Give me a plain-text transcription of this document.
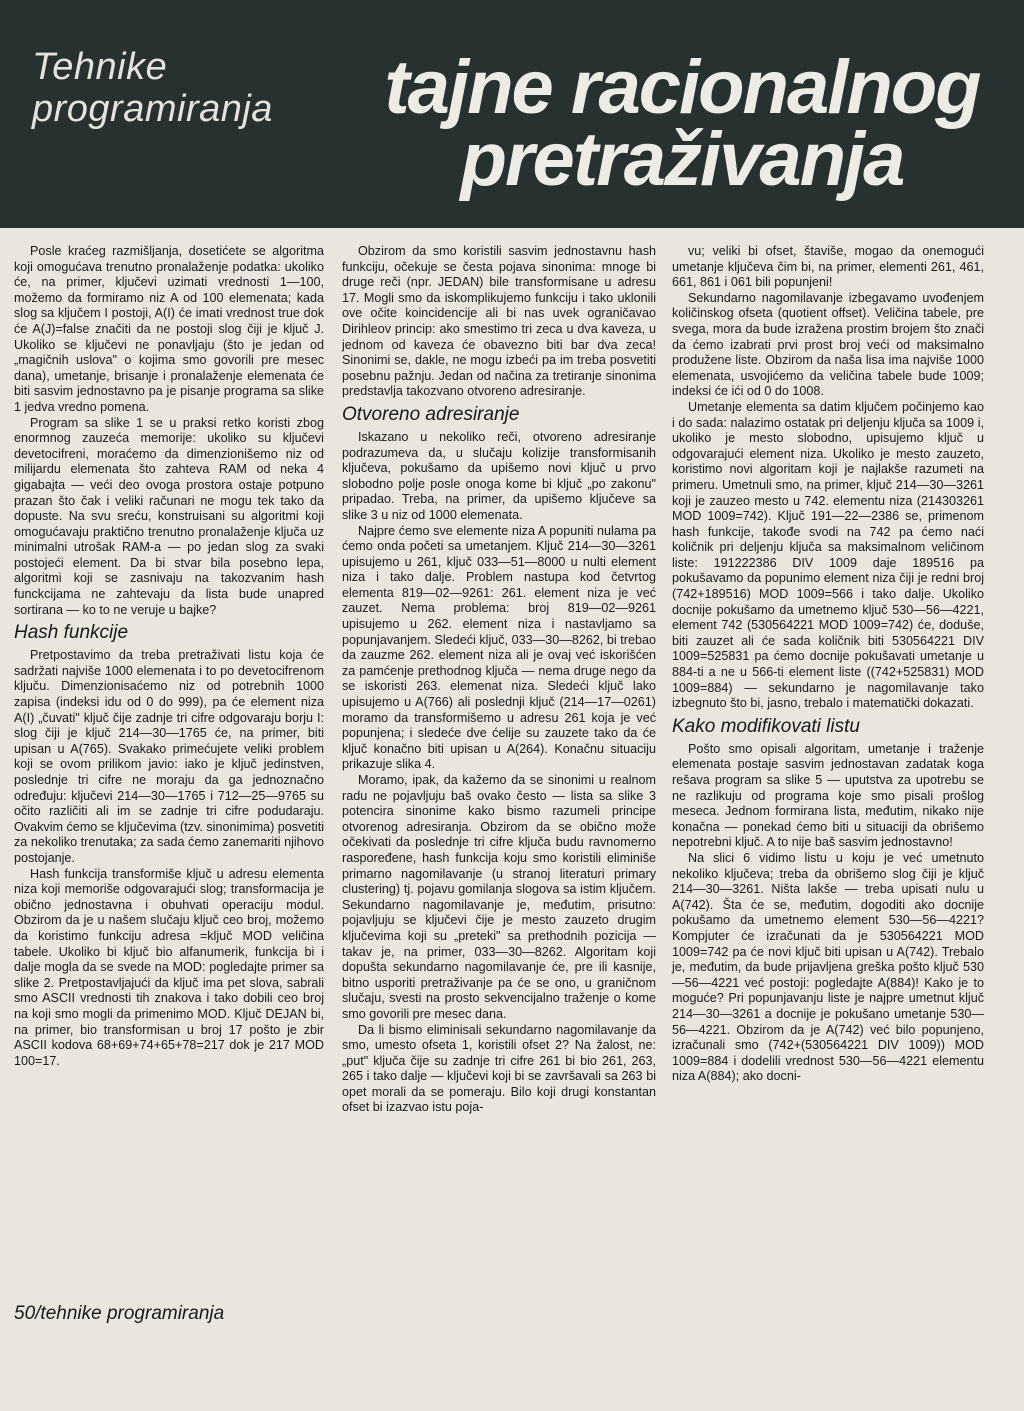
Tehnike
programiranja	tajne racionalnog
pretraživanja

Posle kraćeg razmišljanja, dosetićete se algoritma koji omogućava trenutno pronalaženje podatka: ukoliko će, na primer, ključevi uzimati vrednosti 1—100, možemo da formiramo niz A od 100 elemenata; kada slog sa ključem I postoji, A(I) će imati vrednost true dok će A(J)=false značiti da ne postoji slog čiji je ključ J. Ukoliko se ključevi ne ponavljaju (što je jedan od „magičnih uslova" o kojima smo govorili pre mesec dana), umetanje, brisanje i pronalaženje elemenata će biti sasvim jednostavno pa je pisanje programa sa slike 1 jedva vredno pomena.

Program sa slike 1 se u praksi retko koristi zbog enormnog zauzeća memorije: ukoliko su ključevi devetocifreni, moraćemo da dimenzionišemo niz od milijardu elemenata što zahteva RAM od neka 4 gigabajta — veći deo ovoga prostora ostaje potpuno prazan što čak i veliki računari ne mogu tek tako da dopuste. Na svu sreću, konstruisani su algoritmi koji omogućavaju praktično trenutno pronalaženje ključa uz minimalni utrošak RAM-a — po jedan slog za svaki postojeći element. Da bi stvar bila posebno lepa, algoritmi koji se zasnivaju na takozvanim hash funckcijama ne zahtevaju da lista bude unapred sortirana — ko to ne veruje u bajke?

Hash funkcije

Pretpostavimo da treba pretraživati listu koja će sadržati najviše 1000 elemenata i to po devetocifrenom ključu. Dimenzionisaćemo niz od potrebnih 1000 zapisa (indeksi idu od 0 do 999), pa će element niza A(I) „čuvati" ključ čije zadnje tri cifre odgovaraju borju I: slog čiji je ključ 214—30—1765 će, na primer, biti upisan u A(765). Svakako primećujete veliki problem koji se ovom prilikom javio: iako je ključ jedinstven, poslednje tri cifre ne moraju da ga jednoznačno određuju: ključevi 214—30—1765 i 712—25—9765 su očito različiti ali im se zadnje tri cifre podudaraju. Ovakvim ćemo se ključevima (tzv. sinonimima) posvetiti za nekoliko trenutaka; za sada ćemo zanemariti njihovo postojanje.

Hash funkcija transformiše ključ u adresu elementa niza koji memoriše odgovarajući slog; transformacija je obično jednostavna i obuhvati operaciju modul. Obzirom da je u našem slučaju ključ ceo broj, možemo da koristimo funkciju adresa =ključ MOD veličina tabele. Ukoliko bi ključ bio alfanumerik, funkcija bi i dalje mogla da se svede na MOD: pogledajte primer sa slike 2. Pretpostavljajući da ključ ima pet slova, sabrali smo ASCII vrednosti tih znakova i tako dobili ceo broj na koji smo mogli da primenimo MOD. Ključ DEJAN bi, na primer, bio transformisan u broj 17 pošto je zbir ASCII kodova 68+69+74+65+78=217 dok je 217 MOD 100=17.

Obzirom da smo koristili sasvim jednostavnu hash funkciju, očekuje se česta pojava sinonima: mnoge bi druge reči (npr. JEDAN) bile transformisane u adresu 17. Mogli smo da iskomplikujemo funkciju i tako uklonili ove očite koincidencije ali bi nas uvek ograničavao Dirihleov princip: ako smestimo tri zeca u dva kaveza, u jednom od kaveza će obavezno biti bar dva zeca! Sinonimi se, dakle, ne mogu izbeći pa im treba posvetiti posebnu pažnju. Jedan od načina za tretiranje sinonima predstavlja takozvano otvoreno adresiranje.

Otvoreno adresiranje

Iskazano u nekoliko reči, otvoreno adresiranje podrazumeva da, u slučaju kolizije transformisanih ključeva, pokušamo da upišemo novi ključ u prvo slobodno polje posle onoga kome bi ključ „po zakonu" pripadao. Treba, na primer, da upišemo ključeve sa slike 3 u niz od 1000 elemenata.

Najpre ćemo sve elemente niza A popuniti nulama pa ćemo onda početi sa umetanjem. Ključ 214—30—3261 upisujemo u 261, ključ 033—51—8000 u nulti element niza i tako dalje. Problem nastupa kod četvrtog elementa 819—02—9261: 261. element niza je već zauzet. Nema problema: broj 819—02—9261 upisujemo u 262. element niza i nastavljamo sa popunjavanjem. Sledeći ključ, 033—30—8262, bi trebao da zauzme 262. element niza ali je ovaj već iskorišćen za pamćenje prethodnog ključa — nema druge nego da se iskoristi 263. elemenat niza. Sledeći ključ lako upisujemo u A(766) ali poslednji ključ (214—17—0261) moramo da transformišemo u adresu 261 koja je već popunjena; i sledeće dve ćelije su zauzete tako da će ključ konačno biti upisan u A(264). Konačnu situaciju prikazuje slika 4.

Moramo, ipak, da kažemo da se sinonimi u realnom radu ne pojavljuju baš ovako često — lista sa slike 3 potencira sinonime kako bismo razumeli principe otvorenog adresiranja. Obzirom da se obično može očekivati da poslednje tri cifre ključa budu ravnomerno raspoređene, hash funkcija koju smo koristili eliminiše primarno nagomilavanje (u stranoj literaturi primary clustering) tj. pojavu gomilanja slogova sa istim ključem. Sekundarno nagomilavanje je, međutim, prisutno: pojavljuju se ključevi čije je mesto zauzeto drugim ključevima koji su „preteki" sa prethodnih pozicija — takav je, na primer, 033—30—8262. Algoritam koji dopušta sekundarno nagomilavanje će, pre ili kasnije, bitno usporiti pretraživanje pa će se ono, u graničnom slučaju, svesti na prosto sekvencijalno traženje o kome smo govorili pre mesec dana.

Da li bismo eliminisali sekundarno nagomilavanje da smo, umesto ofseta 1, koristili ofset 2? Na žalost, ne: „put" ključa čije su zadnje tri cifre 261 bi bio 261, 263, 265 i tako dalje — ključevi koji bi se završavali sa 263 bi opet morali da se pomeraju. Bilo koji drugi konstantan ofset bi izazvao istu poja-

vu; veliki bi ofset, štaviše, mogao da onemogući umetanje ključeva čim bi, na primer, elementi 261, 461, 661, 861 i 061 bili popunjeni!

Sekundarno nagomilavanje izbegavamo uvođenjem količinskog ofseta (quotient offset). Veličina tabele, pre svega, mora da bude izražena prostim brojem što znači da ćemo izabrati prvi prost broj veći od maksimalno produžene liste. Obzirom da naša lisa ima najviše 1000 elemenata, usvojićemo da veličina tabele bude 1009; indeksi će ići od 0 do 1008.

Umetanje elementa sa datim ključem počinjemo kao i do sada: nalazimo ostatak pri deljenju ključa sa 1009 i, ukoliko je mesto slobodno, upisujemo ključ u odgovarajući element niza. Ukoliko je mesto zauzeto, koristimo novi algoritam koji je najlakše razumeti na primeru. Umetnuli smo, na primer, ključ 214—30—3261 koji je zauzeo mesto u 742. elementu niza (214303261 MOD 1009=742). Ključ 191—22—2386 se, primenom hash funkcije, takođe svodi na 742 pa ćemo naći količnik pri deljenju ključa sa maksimalnom veličinom liste: 191222386 DIV 1009 daje 189516 pa pokušavamo da popunimo element niza čiji je redni broj (742+189516) MOD 1009=566 i tako dalje. Ukoliko docnije pokušamo da umetnemo ključ 530—56—4221, element 742 (530564221 MOD 1009=742) će, dodušе, biti zauzet ali će sada količnik biti 530564221 DIV 1009=525831 pa ćemo docnije pokušavati umetanje u 884-ti a ne u 566-ti element liste ((742+525831) MOD 1009=884) — sekundarno je nagomilavanje tako izbegnuto što bi, jasno, trebalo i matematički dokazati.

Kako modifikovati listu

Pošto smo opisali algoritam, umetanje i traženje elemenata postaje sasvim jednostavan zadatak koga rešava program sa slike 5 — uputstva za upotrebu se ne razlikuju od programa koje smo pisali prošlog meseca. Jednom formirana lista, međutim, nikako nije konačna — ponekad ćemo biti u situaciji da obrišemo nepotrebni ključ. A to nije baš sasvim jednostavno!

Na slici 6 vidimo listu u koju je već umetnuto nekoliko ključeva; treba da obrišemo slog čiji je ključ 214—30—3261. Ništa lakše — treba upisati nulu u A(742). Šta će se, međutim, dogoditi ako docnije pokušamo da umetnemo element 530—56—4221? Kompjuter će izračunati da je 530564221 MOD 1009=742 pa će novi ključ biti upisan u A(742). Trebalo je, međutim, da bude prijavljena greška pošto ključ 530—56—4221 već postoji: pogledajte A(884)! Kako je to moguće? Pri popunjavanju liste je najpre umetnut ključ 214—30—3261 a docnije je pokušano umetanje 530—56—4221. Obzirom da je A(742) već bilo popunjeno, izračunali smo (742+(530564221 DIV 1009)) MOD 1009=884 i dodelili vrednost 530—56—4221 elementu niza A(884); ako docni-

50/tehnike programiranja
